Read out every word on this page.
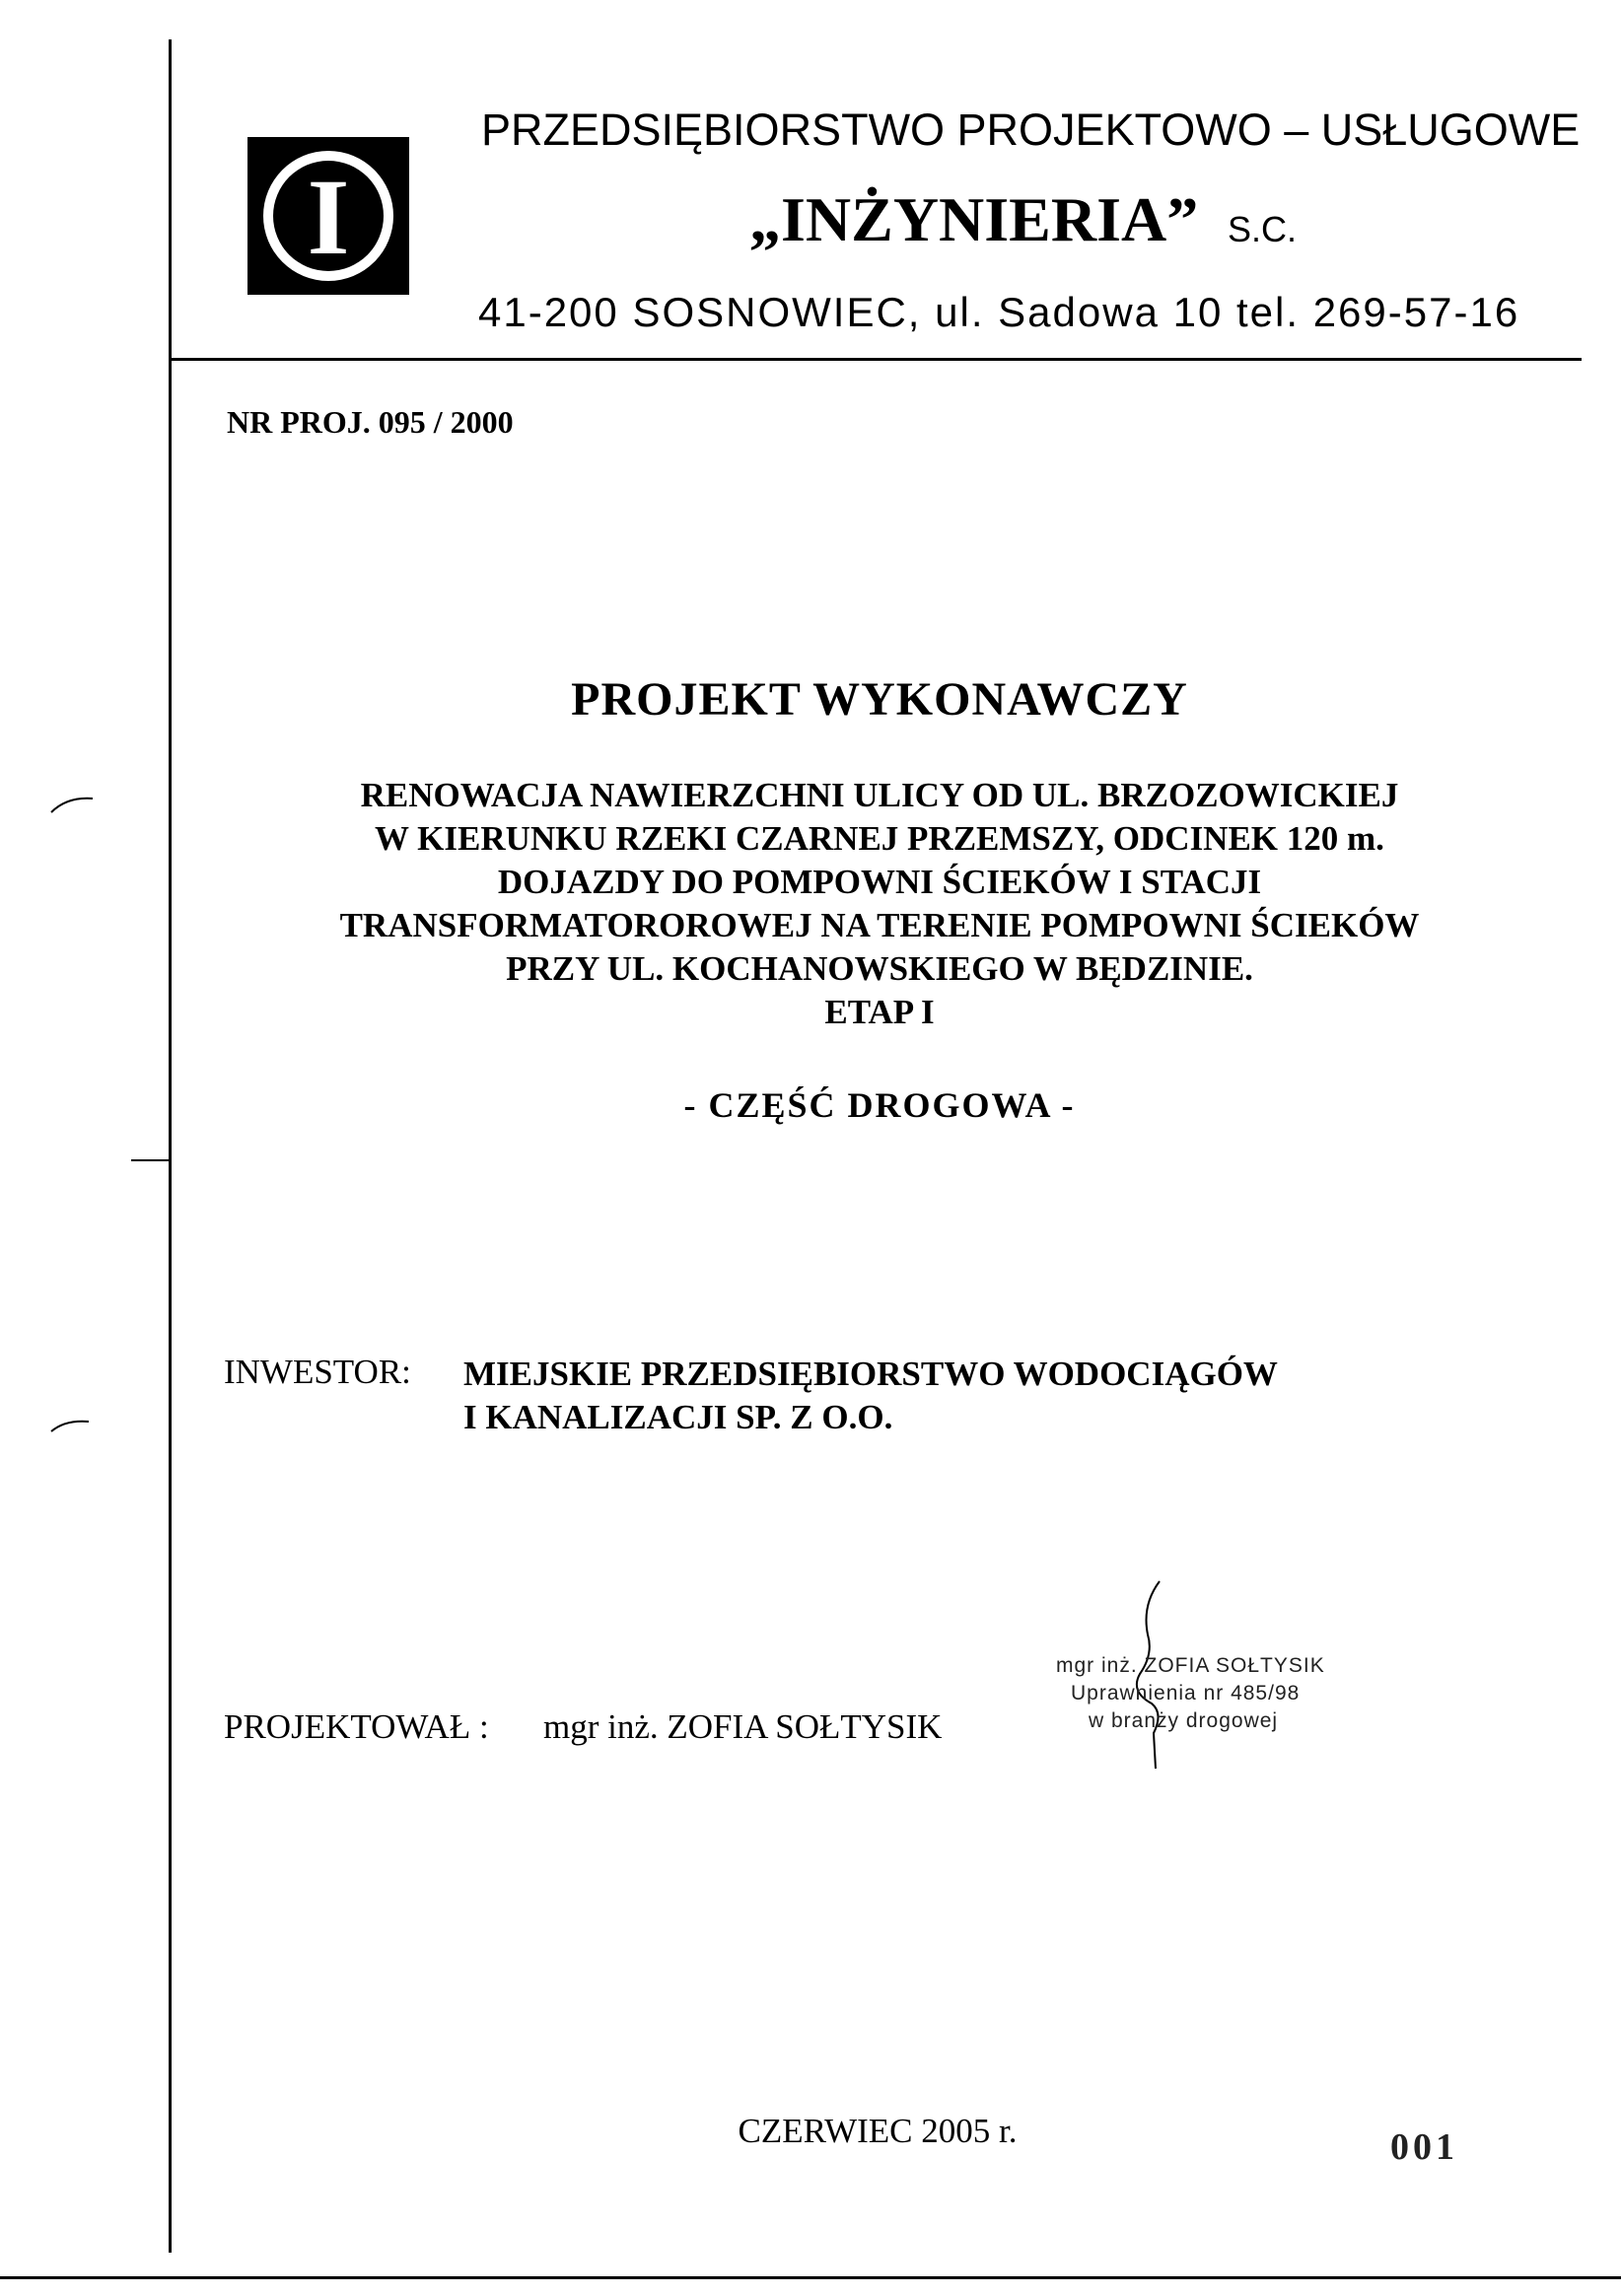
I
PRZEDSIĘBIORSTWO PROJEKTOWO – USŁUGOWE
„INŻYNIERIA” S.C.
41-200 SOSNOWIEC, ul. Sadowa 10 tel. 269-57-16
NR PROJ. 095 / 2000
PROJEKT WYKONAWCZY
RENOWACJA NAWIERZCHNI ULICY OD UL. BRZOZOWICKIEJ
W KIERUNKU RZEKI CZARNEJ PRZEMSZY, ODCINEK 120 m.
DOJAZDY DO POMPOWNI ŚCIEKÓW I STACJI
TRANSFORMATOROROWEJ NA TERENIE POMPOWNI ŚCIEKÓW
PRZY UL. KOCHANOWSKIEGO W BĘDZINIE.
ETAP I
- CZĘŚĆ DROGOWA -
INWESTOR: MIEJSKIE PRZEDSIĘBIORSTWO WODOCIĄGÓW
I KANALIZACJI SP. Z O.O.
PROJEKTOWAŁ : mgr inż. ZOFIA SOŁTYSIK
mgr inż. ZOFIA SOŁTYSIK
Uprawnienia nr 485/98
w branży drogowej
CZERWIEC 2005 r.	001
